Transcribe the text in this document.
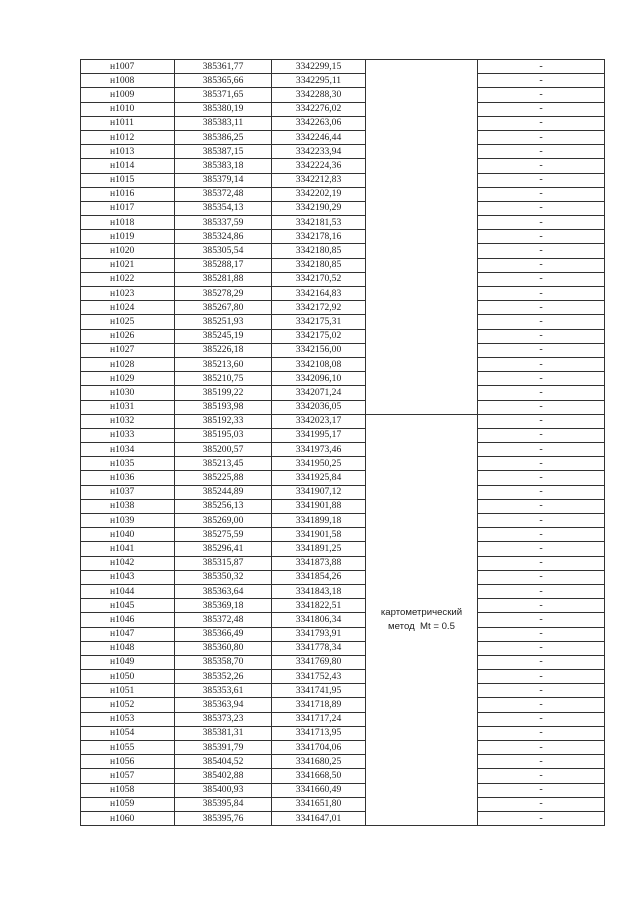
н1007	385361,77	3342299,15		-
н1008	385365,66	3342295,11		-
н1009	385371,65	3342288,30		-
н1010	385380,19	3342276,02		-
н1011	385383,11	3342263,06		-
н1012	385386,25	3342246,44		-
н1013	385387,15	3342233,94		-
н1014	385383,18	3342224,36		-
н1015	385379,14	3342212,83		-
н1016	385372,48	3342202,19		-
н1017	385354,13	3342190,29		-
н1018	385337,59	3342181,53		-
н1019	385324,86	3342178,16		-
н1020	385305,54	3342180,85		-
н1021	385288,17	3342180,85		-
н1022	385281,88	3342170,52		-
н1023	385278,29	3342164,83		-
н1024	385267,80	3342172,92		-
н1025	385251,93	3342175,31		-
н1026	385245,19	3342175,02		-
н1027	385226,18	3342156,00		-
н1028	385213,60	3342108,08		-
н1029	385210,75	3342096,10		-
н1030	385199,22	3342071,24		-
н1031	385193,98	3342036,05		-
н1032	385192,33	3342023,17	картометрический
метод  Mt = 0.5	-
н1033	385195,03	3341995,17		-
н1034	385200,57	3341973,46		-
н1035	385213,45	3341950,25		-
н1036	385225,88	3341925,84		-
н1037	385244,89	3341907,12		-
н1038	385256,13	3341901,88		-
н1039	385269,00	3341899,18		-
н1040	385275,59	3341901,58		-
н1041	385296,41	3341891,25		-
н1042	385315,87	3341873,88		-
н1043	385350,32	3341854,26		-
н1044	385363,64	3341843,18		-
н1045	385369,18	3341822,51		-
н1046	385372,48	3341806,34		-
н1047	385366,49	3341793,91		-
н1048	385360,80	3341778,34		-
н1049	385358,70	3341769,80		-
н1050	385352,26	3341752,43		-
н1051	385353,61	3341741,95		-
н1052	385363,94	3341718,89		-
н1053	385373,23	3341717,24		-
н1054	385381,31	3341713,95		-
н1055	385391,79	3341704,06		-
н1056	385404,52	3341680,25		-
н1057	385402,88	3341668,50		-
н1058	385400,93	3341660,49		-
н1059	385395,84	3341651,80		-
н1060	385395,76	3341647,01		-
